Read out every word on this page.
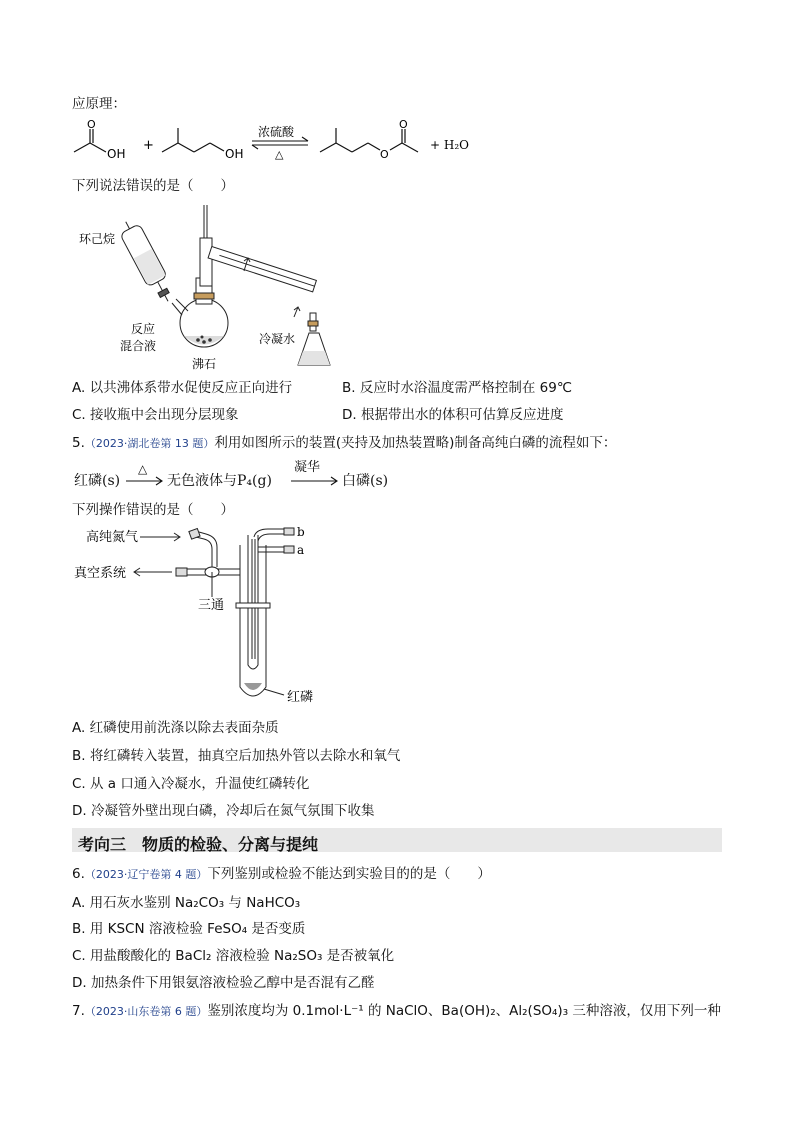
应原理：
O
OH
+
OH
浓硫酸
△	O
O
+ H₂O
下列说法错误的是（　　）
环己烷
反应
混合液
沸石
冷凝水
A. 以共沸体系带水促使反应正向进行	B. 反应时水浴温度需严格控制在 69℃
C. 接收瓶中会出现分层现象	D. 根据带出水的体积可估算反应进度
5.（2023·湖北卷第 13 题）利用如图所示的装置(夹持及加热装置略)制备高纯白磷的流程如下：
红磷(s)
△
无色液体与P₄(g)
凝华
白磷(s)
下列操作错误的是（　　）
高纯氮气
真空系统
三通
红磷
b
a
A. 红磷使用前洗涤以除去表面杂质
B. 将红磷转入装置，抽真空后加热外管以去除水和氧气
C. 从 a 口通入冷凝水，升温使红磷转化
D. 冷凝管外壁出现白磷，冷却后在氮气氛围下收集
考向三　物质的检验、分离与提纯
6.（2023·辽宁卷第 4 题）下列鉴别或检验不能达到实验目的的是（　　）
A. 用石灰水鉴别 Na₂CO₃ 与 NaHCO₃
B. 用 KSCN 溶液检验 FeSO₄ 是否变质
C. 用盐酸酸化的 BaCl₂ 溶液检验 Na₂SO₃ 是否被氧化
D. 加热条件下用银氨溶液检验乙醇中是否混有乙醛
7.（2023·山东卷第 6 题）鉴别浓度均为 0.1mol·L⁻¹ 的 NaClO、Ba(OH)₂、Al₂(SO₄)₃ 三种溶液，仅用下列一种
